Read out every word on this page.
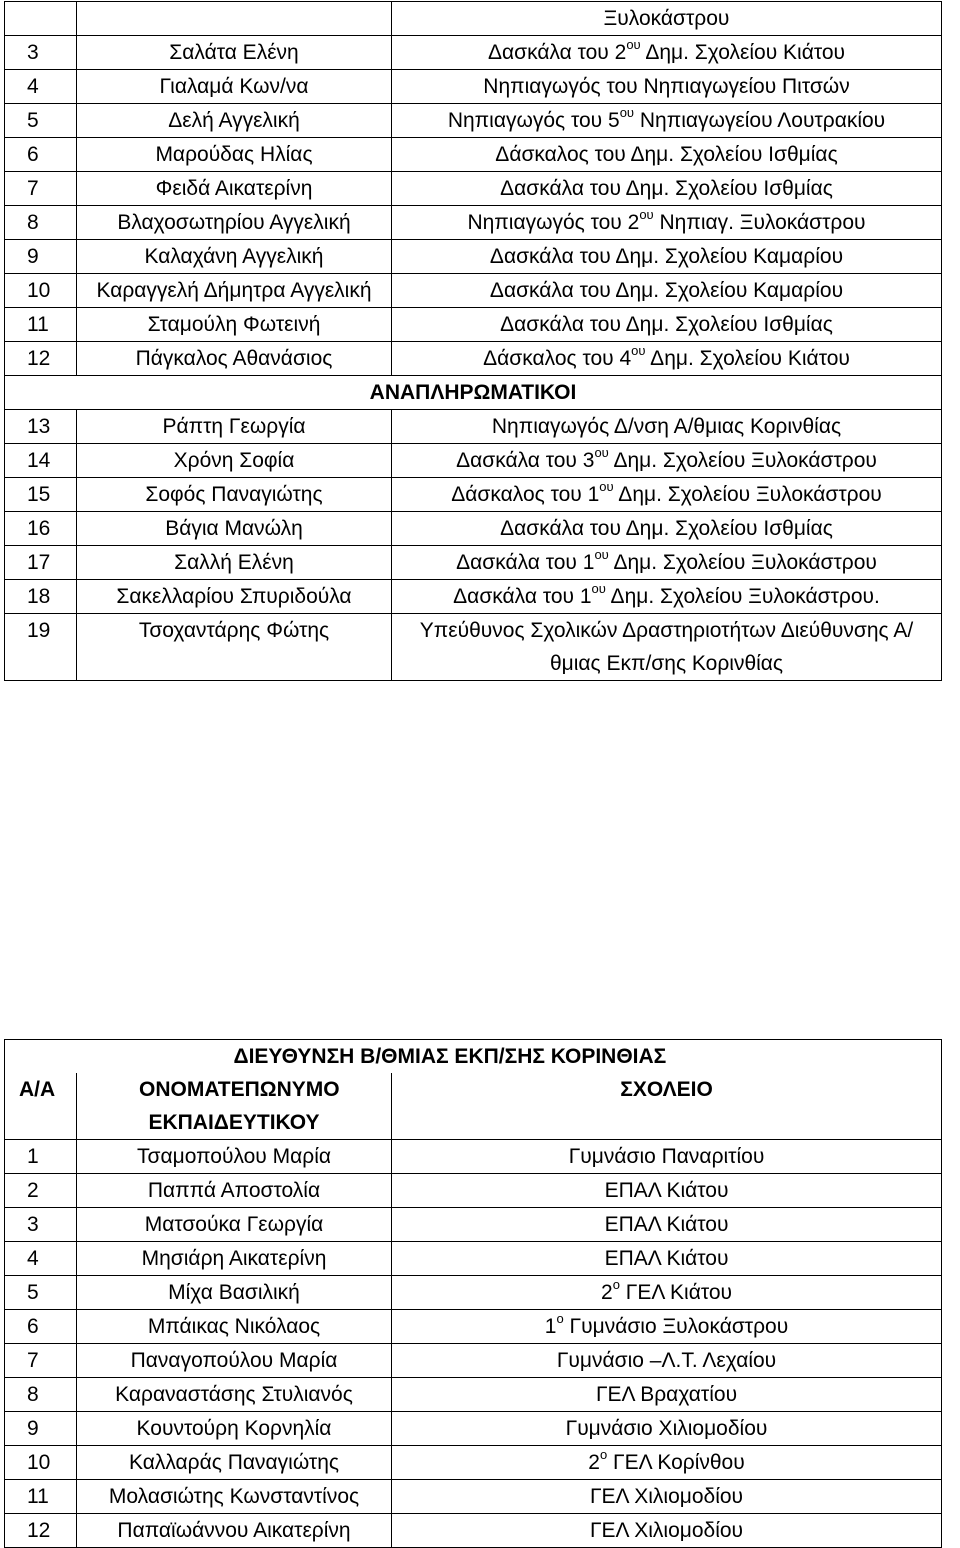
		Ξυλοκάστρου
3	Σαλάτα Ελένη	Δασκάλα του $2^{o\upsilon}$ Δημ. Σχολείου Κιάτου
4	Γιαλαμά Κων/να	Νηπιαγωγός του Νηπιαγωγείου Πιτσών
5	Δελή Αγγελική	Νηπιαγωγός του $5^{o\upsilon}$ Νηπιαγωγείου Λουτρακίου
6	Μαρούδας Ηλίας	Δάσκαλος του Δημ. Σχολείου Ισθμίας
7	Φειδά Αικατερίνη	Δασκάλα του Δημ. Σχολείου Ισθμίας
8	Βλαχοσωτηρίου Αγγελική	Νηπιαγωγός του $2^{o\upsilon}$ Νηπιαγ. Ξυλοκάστρου
9	Καλαχάνη Αγγελική	Δασκάλα του Δημ. Σχολείου Καμαρίου
10	Καραγγελή Δήμητρα Αγγελική	Δασκάλα του Δημ. Σχολείου Καμαρίου
11	Σταμούλη Φωτεινή	Δασκάλα του Δημ. Σχολείου Ισθμίας
12	Πάγκαλος Αθανάσιος	Δάσκαλος του $4^{o\upsilon}$ Δημ. Σχολείου Κιάτου
ΑΝΑΠΛΗΡΩΜΑΤΙΚΟΙ		
13	Ράπτη Γεωργία	Νηπιαγωγός Δ/νση Α/θμιας Κορινθίας
14	Χρόνη Σοφία	Δασκάλα του $3^{o\upsilon}$ Δημ. Σχολείου Ξυλοκάστρου
15	Σοφός Παναγιώτης	Δάσκαλος του $1^{o\upsilon}$ Δημ. Σχολείου Ξυλοκάστρου
16	Βάγια Μανώλη	Δασκάλα του Δημ. Σχολείου Ισθμίας
17	Σαλλή Ελένη	Δασκάλα του $1^{o\upsilon}$ Δημ. Σχολείου Ξυλοκάστρου
18	Σακελλαρίου Σπυριδούλα	Δασκάλα του $1^{o\upsilon}$ Δημ. Σχολείου Ξυλοκάστρου.
19	Τσοχαντάρης Φώτης	Υπεύθυνος Σχολικών Δραστηριοτήτων Διεύθυνσης Α/θμιας Εκπ/σης Κορινθίας
	ΔΙΕΥΘΥΝΣΗ Β/ΘΜΙΑΣ ΕΚΠ/ΣΗΣ ΚΟΡΙΝΘΙΑΣ	
Α/Α	ΟΝΟΜΑΤΕΠΩΝΥΜΟ ΕΚΠΑΙΔΕΥΤΙΚΟΥ	ΣΧΟΛΕΙΟ
1	Τσαμοπούλου Μαρία	Γυμνάσιο Παναριτίου
2	Παππά Αποστολία	ΕΠΑΛ Κιάτου
3	Ματσούκα Γεωργία	ΕΠΑΛ Κιάτου
4	Μησιάρη Αικατερίνη	ΕΠΑΛ Κιάτου
5	Μίχα Βασιλική	$2^o$ ΓΕΛ Κιάτου
6	Μπάικας Νικόλαος	$1^o$ Γυμνάσιο Ξυλοκάστρου
7	Παναγοπούλου Μαρία	Γυμνάσιο –Λ.Τ. Λεχαίου
8	Καραναστάσης Στυλιανός	ΓΕΛ Βραχατίου
9	Κουντούρη Κορνηλία	Γυμνάσιο Χιλιομοδίου
10	Καλλαράς Παναγιώτης	$2^o$ ΓΕΛ Κορίνθου
11	Μολασιώτης Κωνσταντίνος	ΓΕΛ Χιλιομοδίου
12	Παπαϊωάννου Αικατερίνη	ΓΕΛ Χιλιομοδίου
